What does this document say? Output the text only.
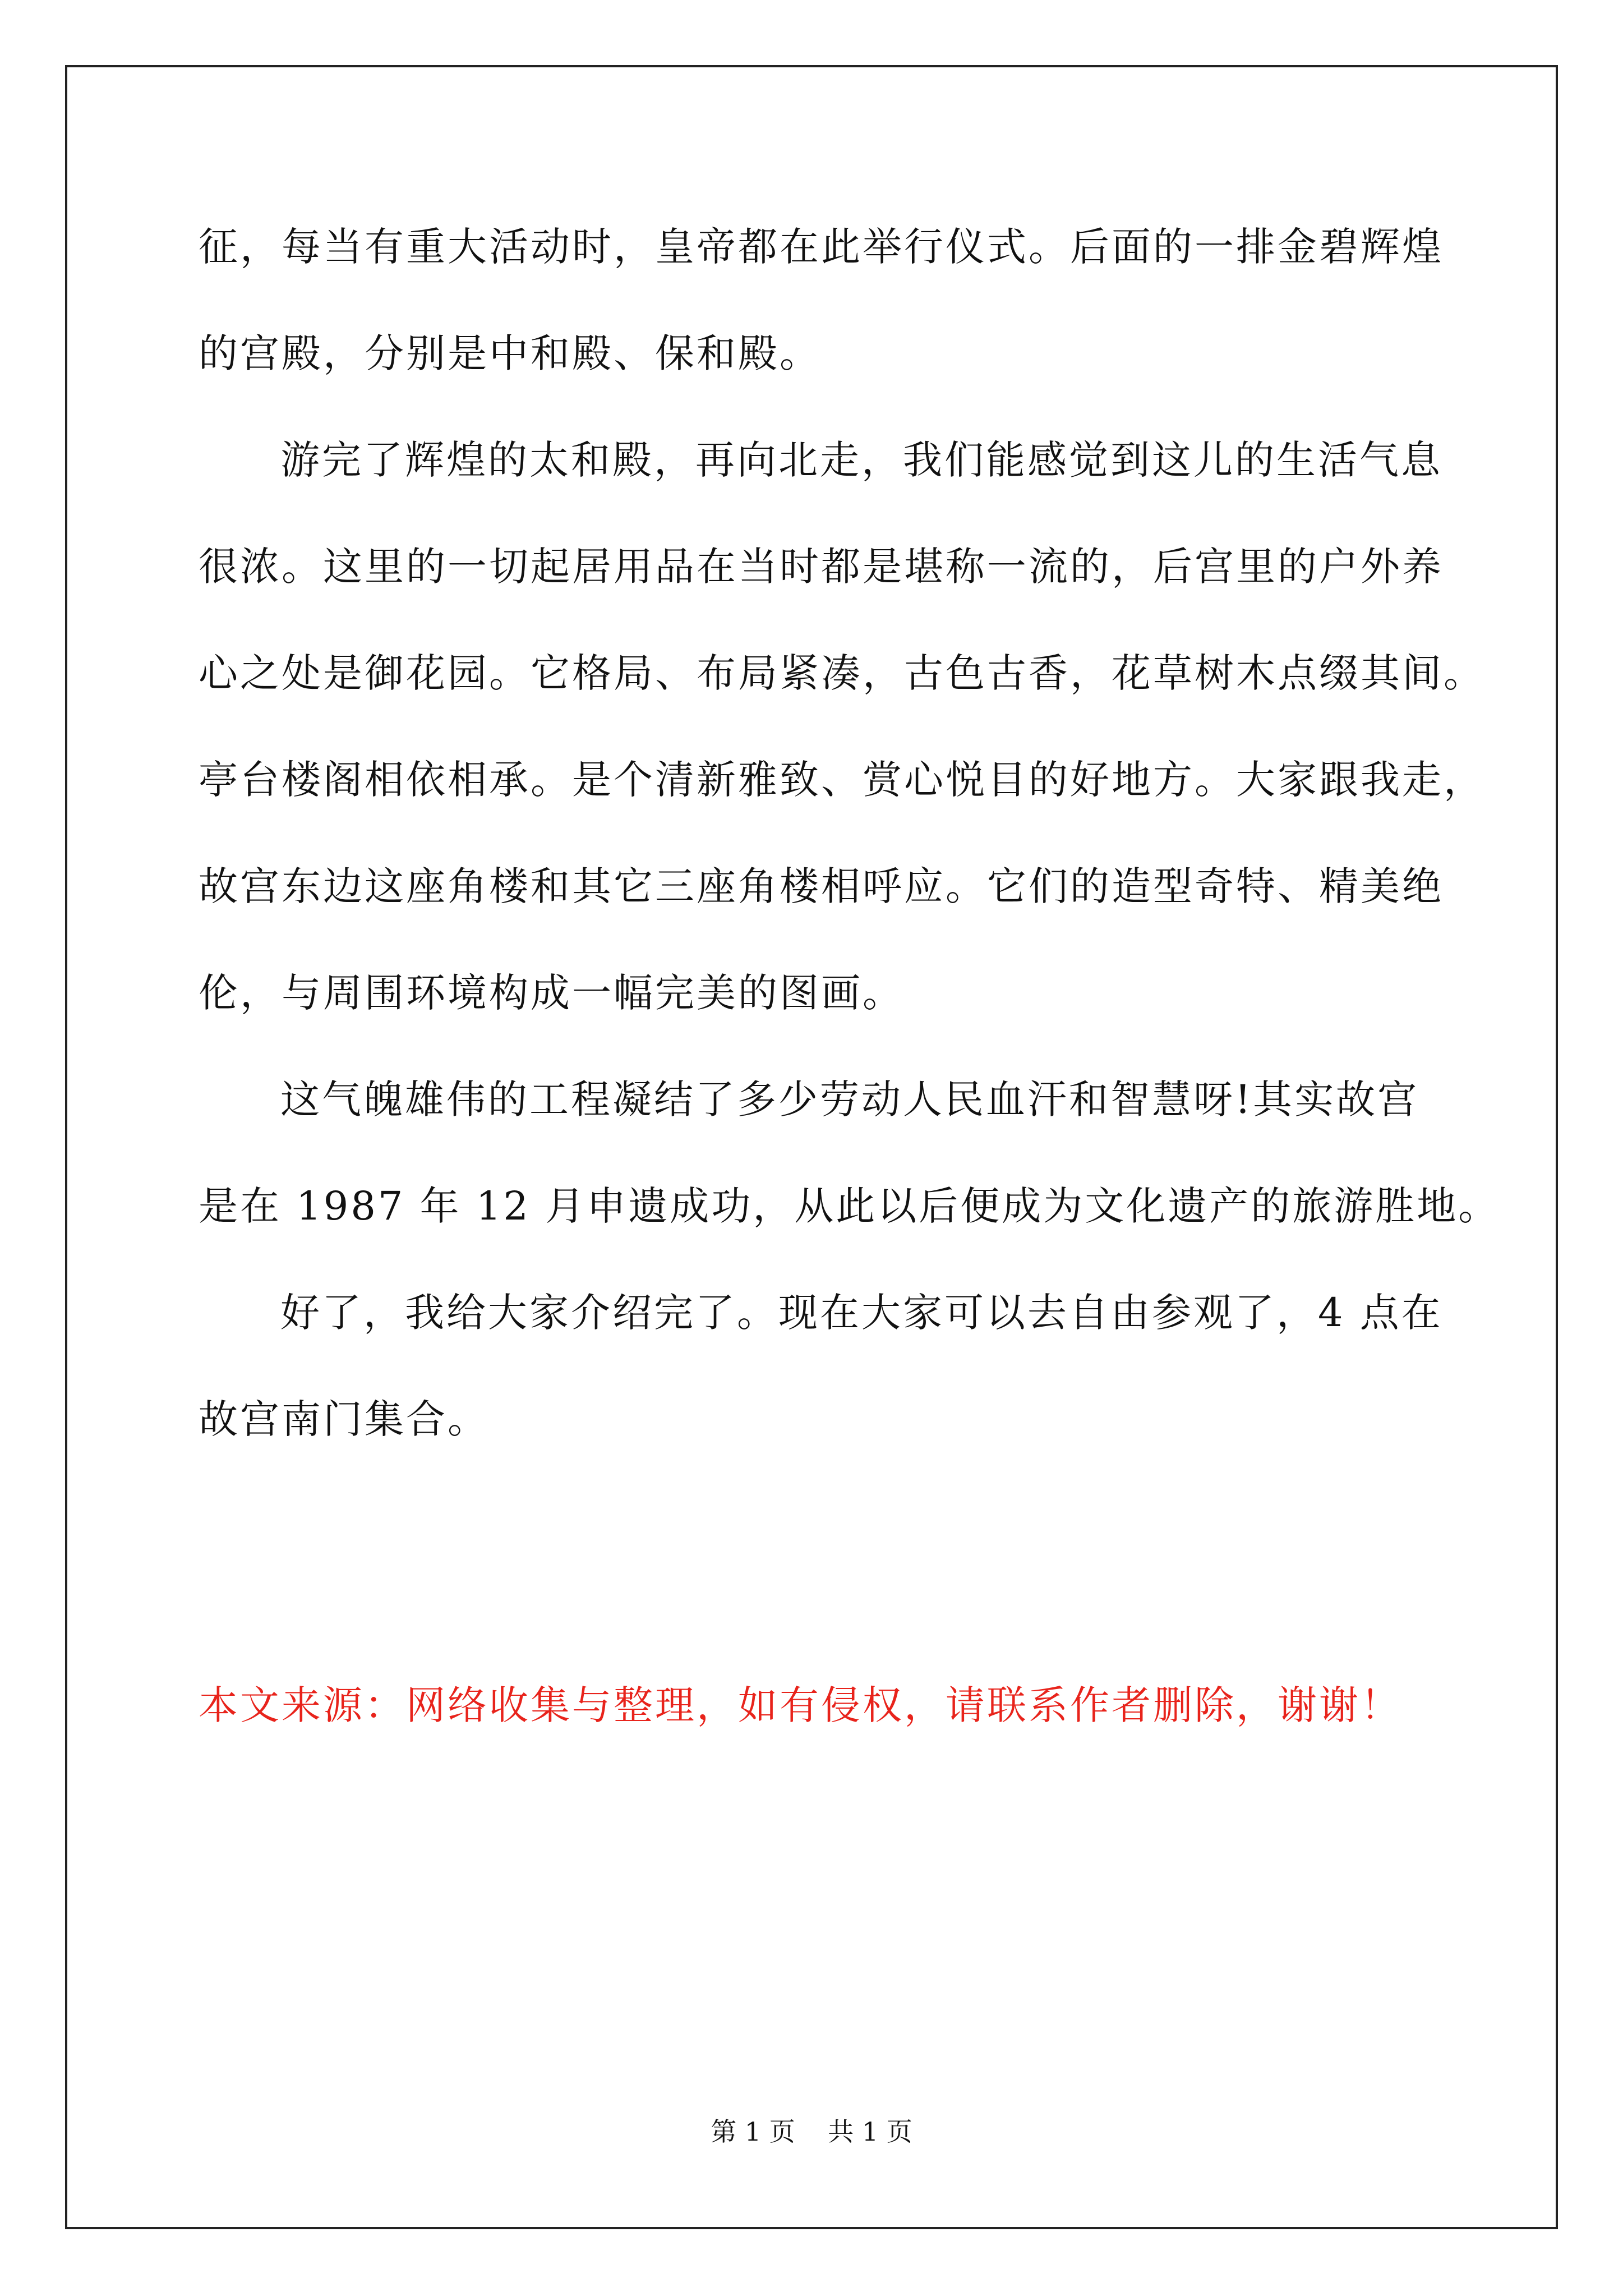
征，每当有重大活动时，皇帝都在此举行仪式。后面的一排金碧辉煌
的宫殿，分别是中和殿、保和殿。
游完了辉煌的太和殿，再向北走，我们能感觉到这儿的生活气息
很浓。这里的一切起居用品在当时都是堪称一流的，后宫里的户外养
心之处是御花园。它格局、布局紧凑，古色古香，花草树木点缀其间。
亭台楼阁相依相承。是个清新雅致、赏心悦目的好地方。大家跟我走，
故宫东边这座角楼和其它三座角楼相呼应。它们的造型奇特、精美绝
伦，与周围环境构成一幅完美的图画。
这气魄雄伟的工程凝结了多少劳动人民血汗和智慧呀!其实故宫
是在 1987 年 12 月申遗成功，从此以后便成为文化遗产的旅游胜地。
好了，我给大家介绍完了。现在大家可以去自由参观了，4 点在
故宫南门集合。
本文来源：网络收集与整理，如有侵权，请联系作者删除，谢谢！
第 1 页    共 1 页
